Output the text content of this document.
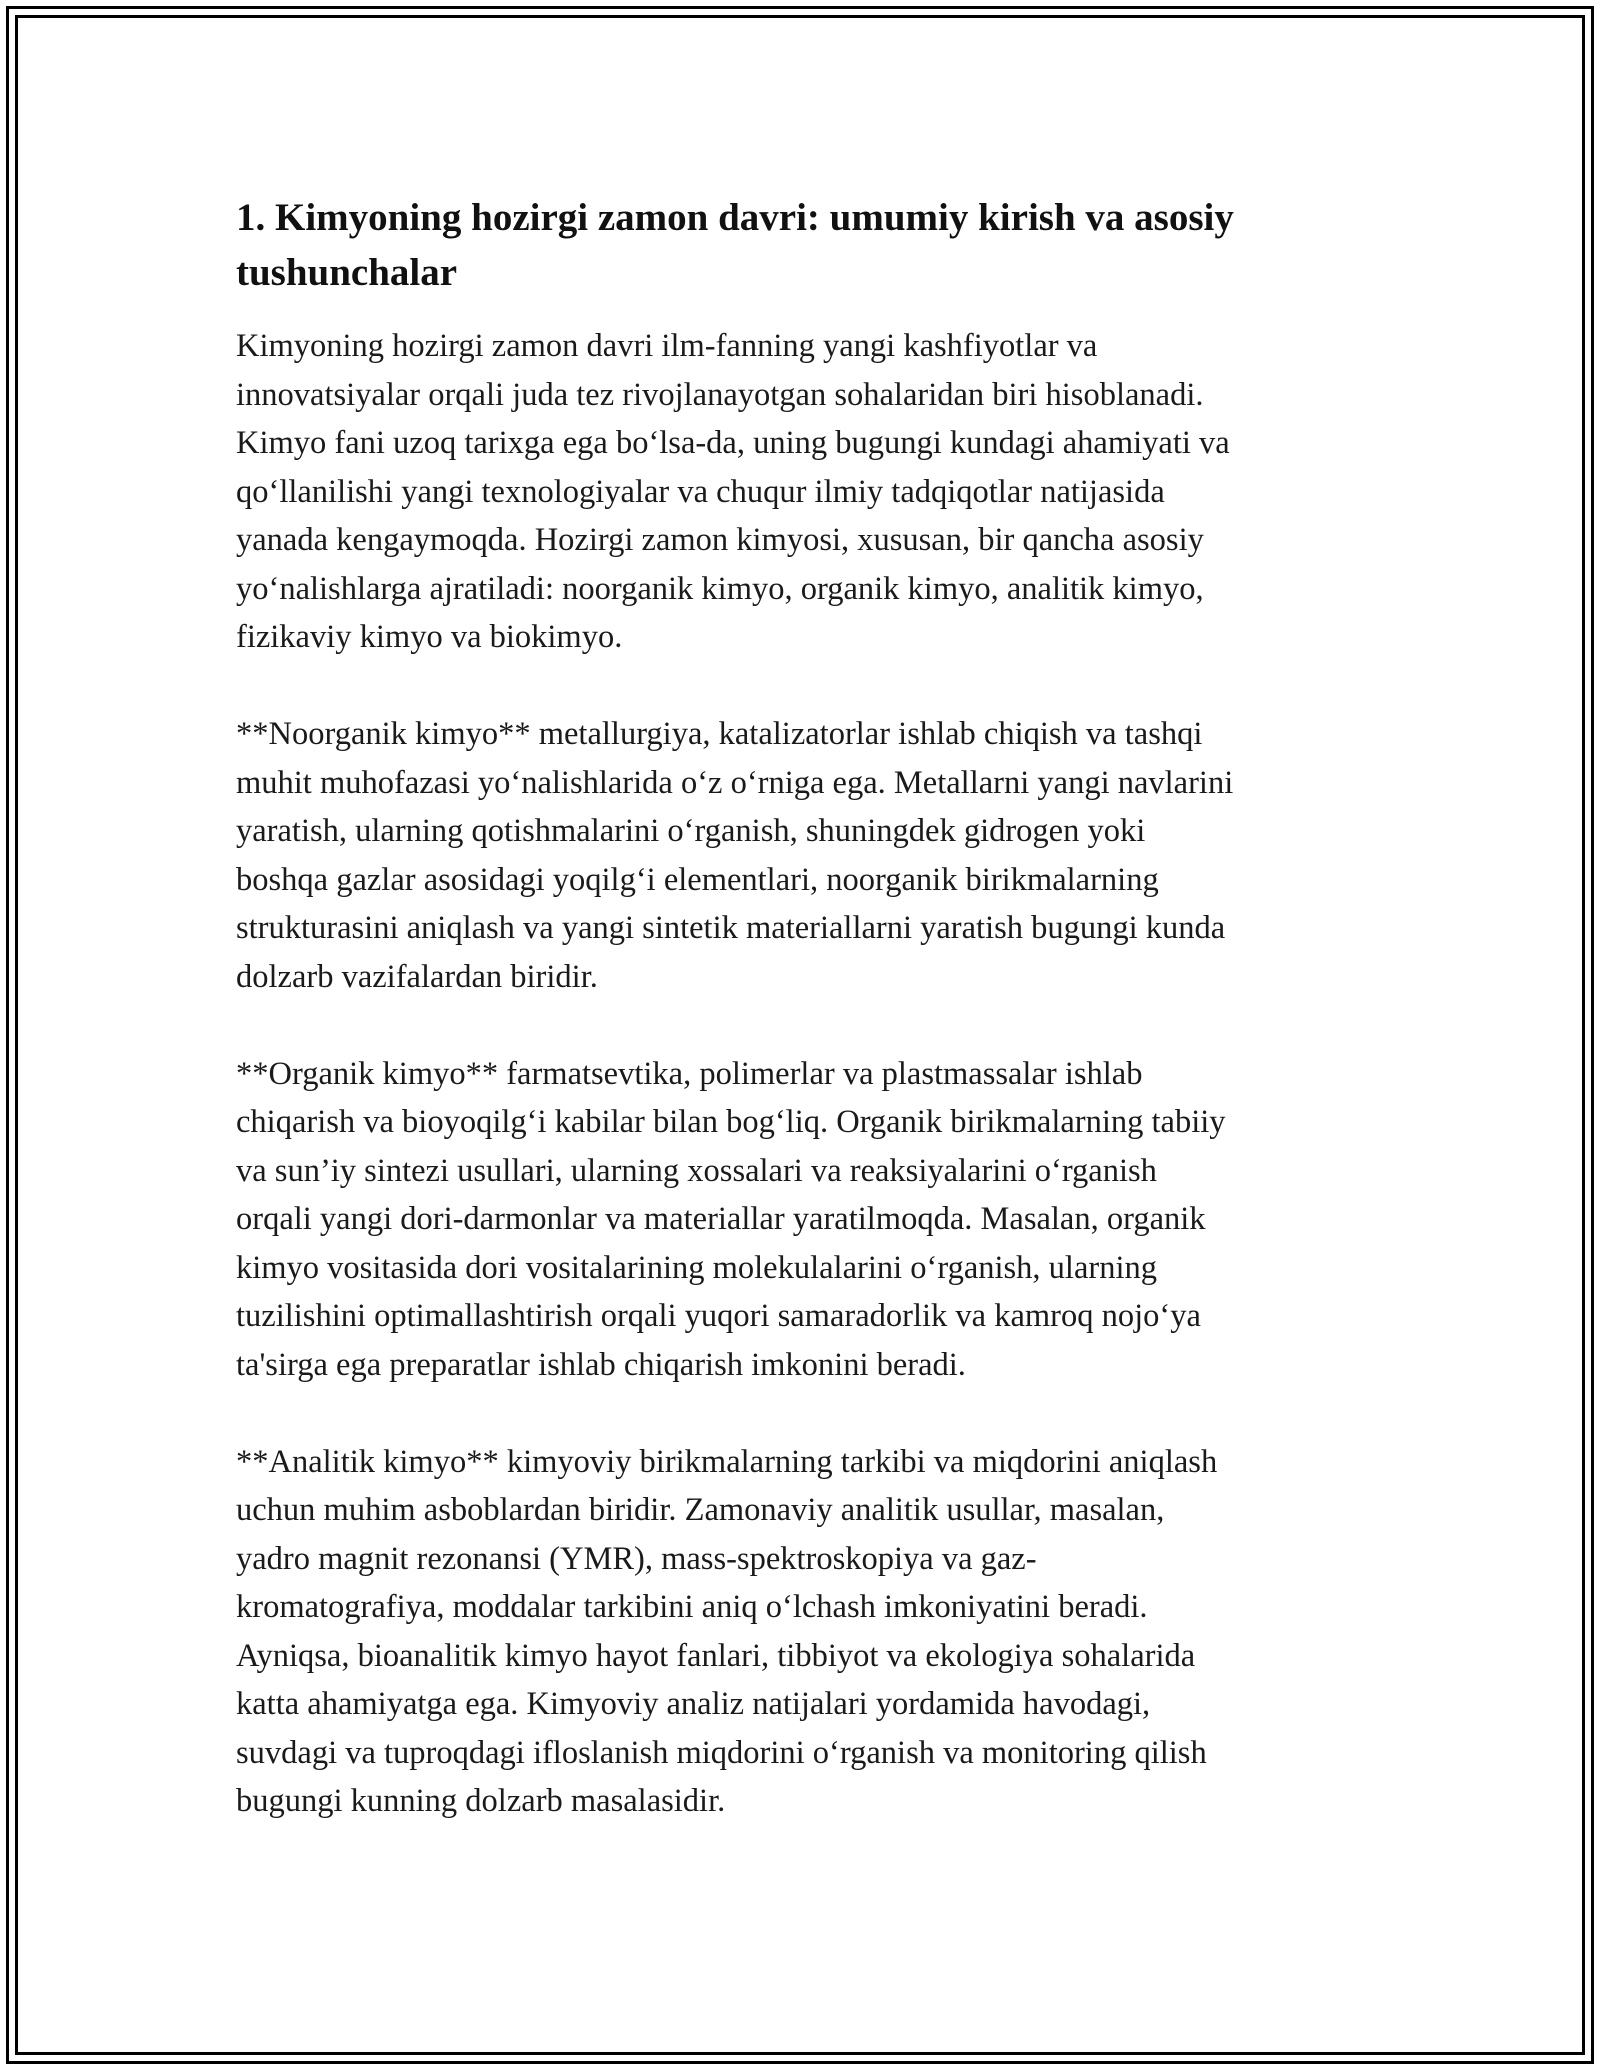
1. Kimyoning hozirgi zamon davri: umumiy kirish va asosiy tushunchalar

Kimyoning hozirgi zamon davri ilm-fanning yangi kashfiyotlar va
innovatsiyalar orqali juda tez rivojlanayotgan sohalaridan biri hisoblanadi.
Kimyo fani uzoq tarixga ega bo‘lsa-da, uning bugungi kundagi ahamiyati va
qo‘llanilishi yangi texnologiyalar va chuqur ilmiy tadqiqotlar natijasida
yanada kengaymoqda. Hozirgi zamon kimyosi, xususan, bir qancha asosiy
yo‘nalishlarga ajratiladi: noorganik kimyo, organik kimyo, analitik kimyo,
fizikaviy kimyo va biokimyo.

**Noorganik kimyo** metallurgiya, katalizatorlar ishlab chiqish va tashqi
muhit muhofazasi yo‘nalishlarida o‘z o‘rniga ega. Metallarni yangi navlarini
yaratish, ularning qotishmalarini o‘rganish, shuningdek gidrogen yoki
boshqa gazlar asosidagi yoqilg‘i elementlari, noorganik birikmalarning
strukturasini aniqlash va yangi sintetik materiallarni yaratish bugungi kunda
dolzarb vazifalardan biridir.

**Organik kimyo** farmatsevtika, polimerlar va plastmassalar ishlab
chiqarish va bioyoqilg‘i kabilar bilan bog‘liq. Organik birikmalarning tabiiy
va sun’iy sintezi usullari, ularning xossalari va reaksiyalarini o‘rganish
orqali yangi dori-darmonlar va materiallar yaratilmoqda. Masalan, organik
kimyo vositasida dori vositalarining molekulalarini o‘rganish, ularning
tuzilishini optimallashtirish orqali yuqori samaradorlik va kamroq nojo‘ya
ta'sirga ega preparatlar ishlab chiqarish imkonini beradi.

**Analitik kimyo** kimyoviy birikmalarning tarkibi va miqdorini aniqlash
uchun muhim asboblardan biridir. Zamonaviy analitik usullar, masalan,
yadro magnit rezonansi (YMR), mass-spektroskopiya va gaz-
kromatografiya, moddalar tarkibini aniq o‘lchash imkoniyatini beradi.
Ayniqsa, bioanalitik kimyo hayot fanlari, tibbiyot va ekologiya sohalarida
katta ahamiyatga ega. Kimyoviy analiz natijalari yordamida havodagi,
suvdagi va tuproqdagi ifloslanish miqdorini o‘rganish va monitoring qilish
bugungi kunning dolzarb masalasidir.
